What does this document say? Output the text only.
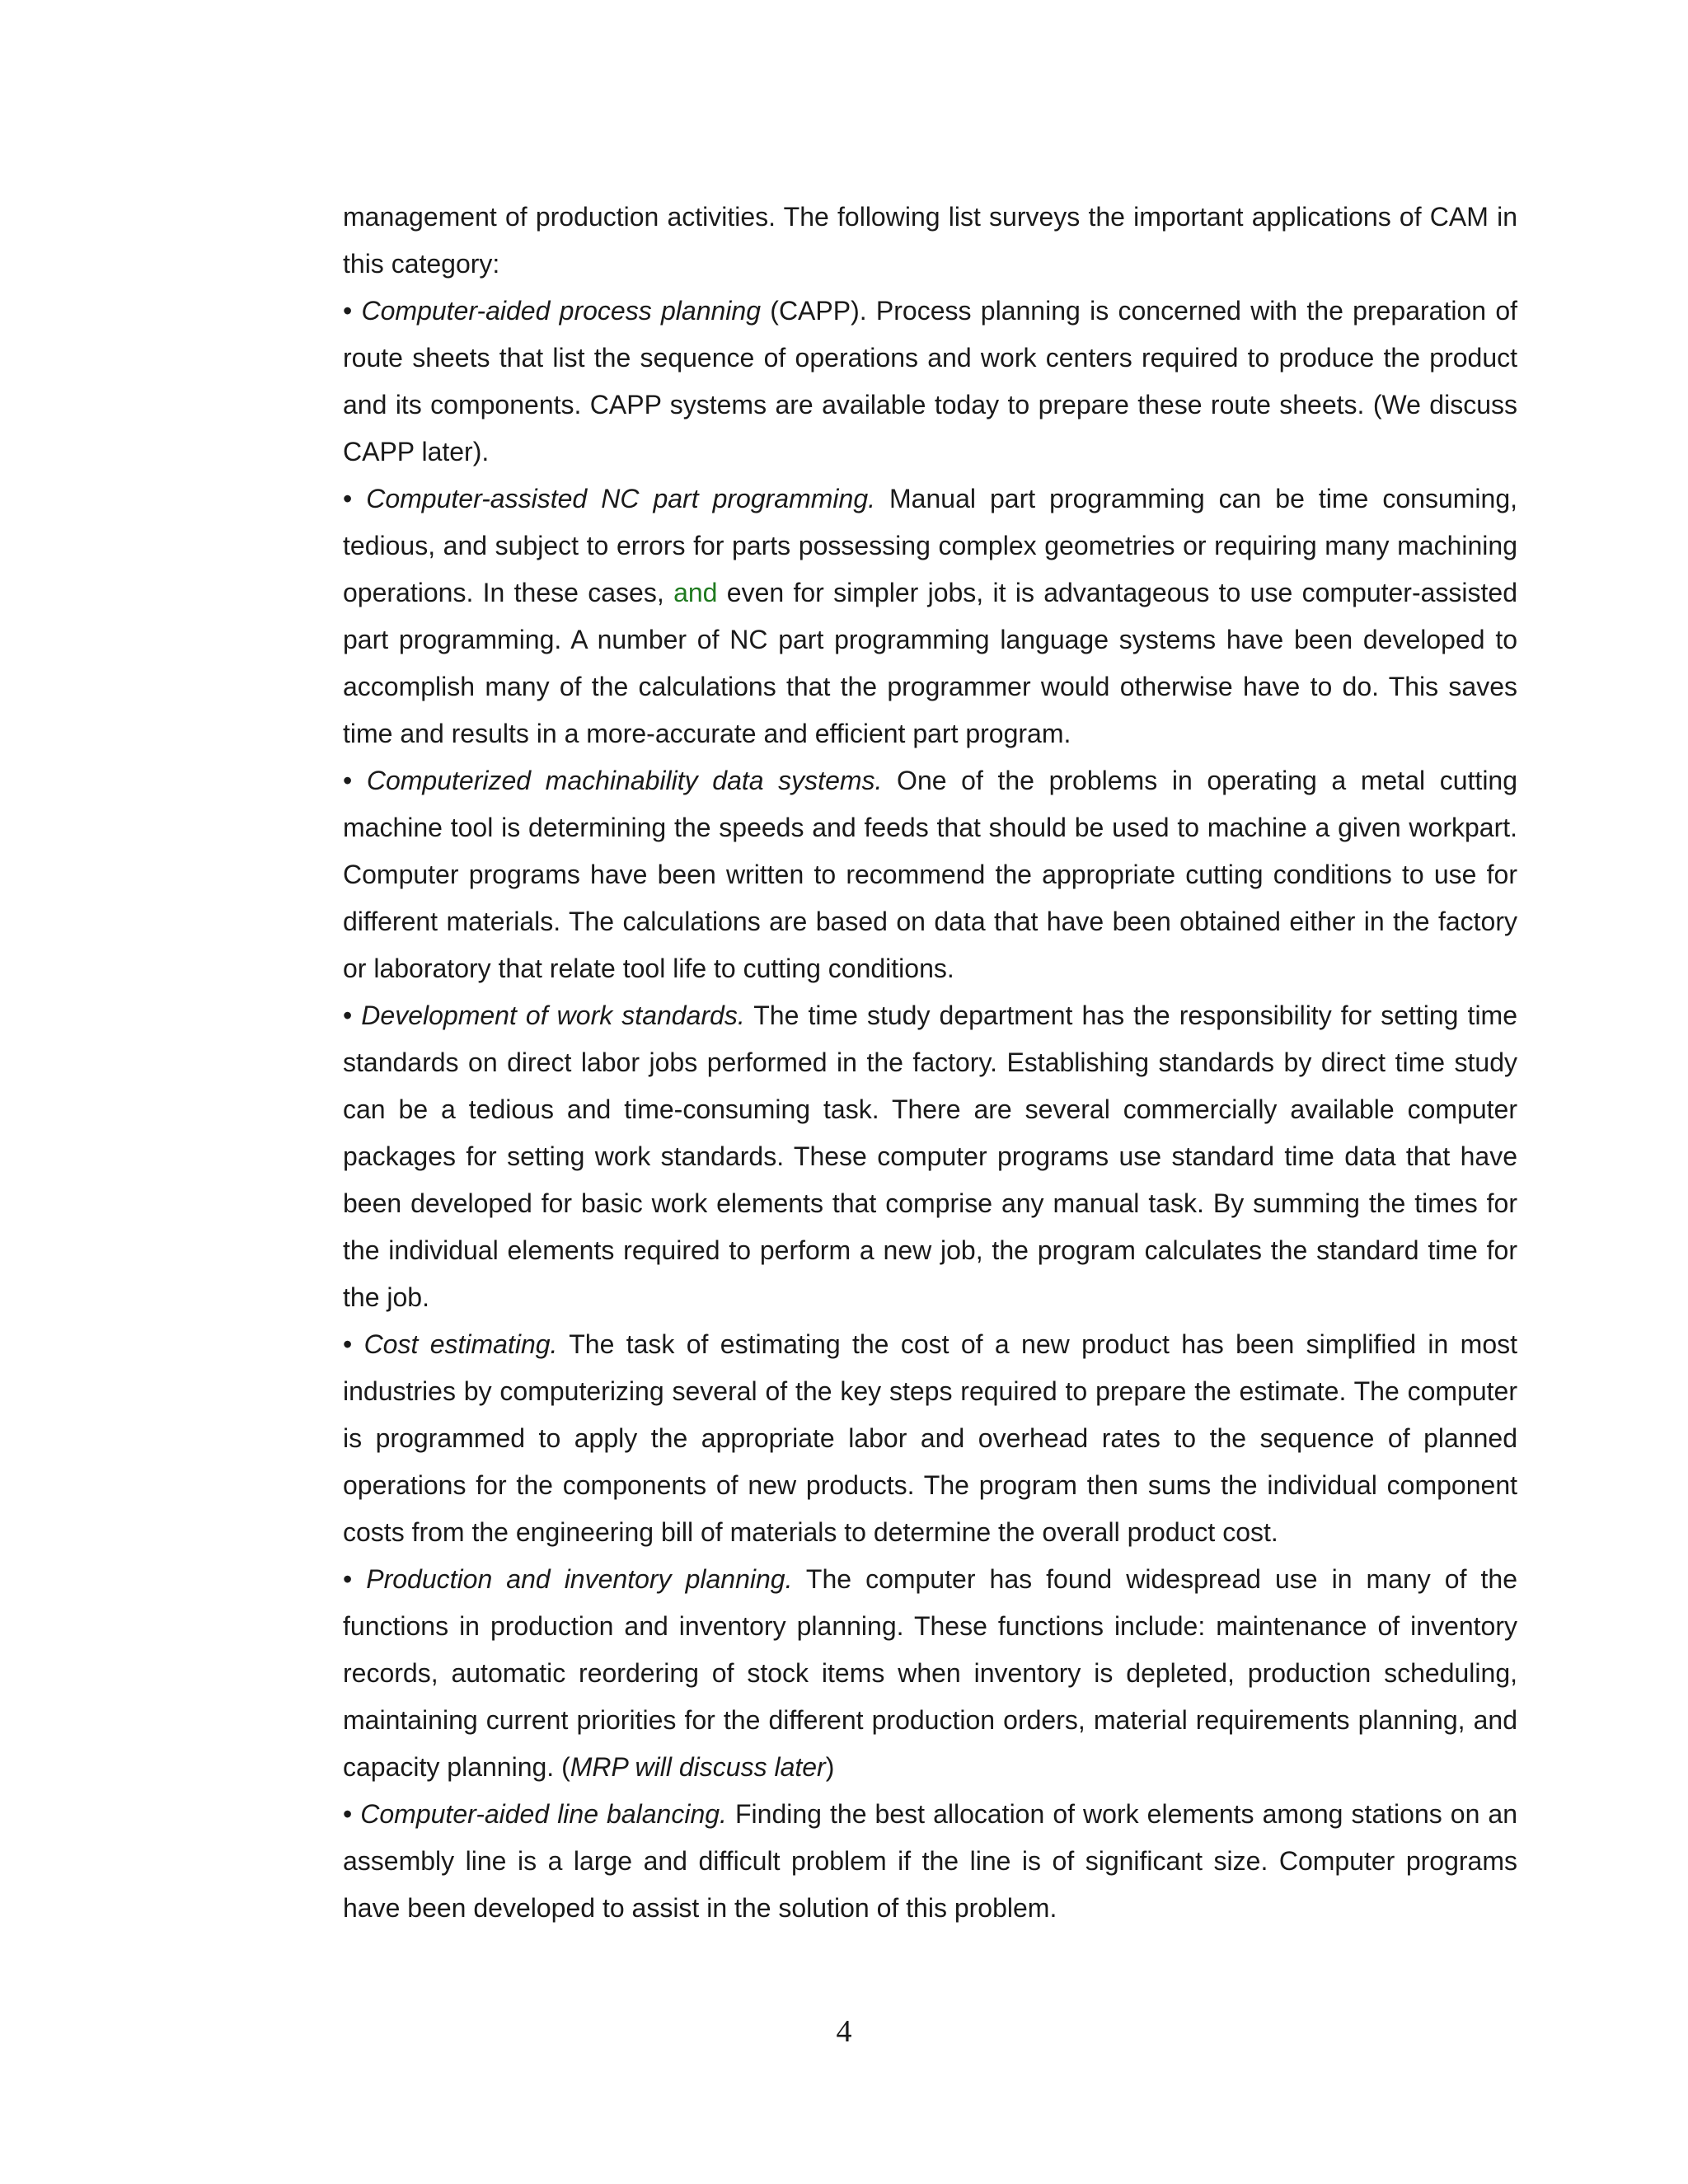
management of production activities. The following list surveys the important applications of CAM in this category:

• Computer-aided process planning (CAPP). Process planning is concerned with the preparation of route sheets that list the sequence of operations and work centers required to produce the product and its components. CAPP systems are available today to prepare these route sheets. (We discuss CAPP later).

• Computer-assisted NC part programming. Manual part programming can be time consuming, tedious, and subject to errors for parts possessing complex geometries or requiring many machining operations. In these cases, and even for simpler jobs, it is advantageous to use computer-assisted part programming. A number of NC part programming language systems have been developed to accomplish many of the calculations that the programmer would otherwise have to do. This saves time and results in a more-accurate and efficient part program.

• Computerized machinability data systems. One of the problems in operating a metal cutting machine tool is determining the speeds and feeds that should be used to machine a given workpart. Computer programs have been written to recommend the appropriate cutting conditions to use for different materials. The calculations are based on data that have been obtained either in the factory or laboratory that relate tool life to cutting conditions.

• Development of work standards. The time study department has the responsibility for setting time standards on direct labor jobs performed in the factory. Establishing standards by direct time study can be a tedious and time-consuming task. There are several commercially available computer packages for setting work standards. These computer programs use standard time data that have been developed for basic work elements that comprise any manual task. By summing the times for the individual elements required to perform a new job, the program calculates the standard time for the job.

• Cost estimating. The task of estimating the cost of a new product has been simplified in most industries by computerizing several of the key steps required to prepare the estimate. The computer is programmed to apply the appropriate labor and overhead rates to the sequence of planned operations for the components of new products. The program then sums the individual component costs from the engineering bill of materials to determine the overall product cost.

• Production and inventory planning. The computer has found widespread use in many of the functions in production and inventory planning. These functions include: maintenance of inventory records, automatic reordering of stock items when inventory is depleted, production scheduling, maintaining current priorities for the different production orders, material requirements planning, and capacity planning. (MRP will discuss later)

• Computer-aided line balancing. Finding the best allocation of work elements among stations on an assembly line is a large and difficult problem if the line is of significant size. Computer programs have been developed to assist in the solution of this problem.

4
